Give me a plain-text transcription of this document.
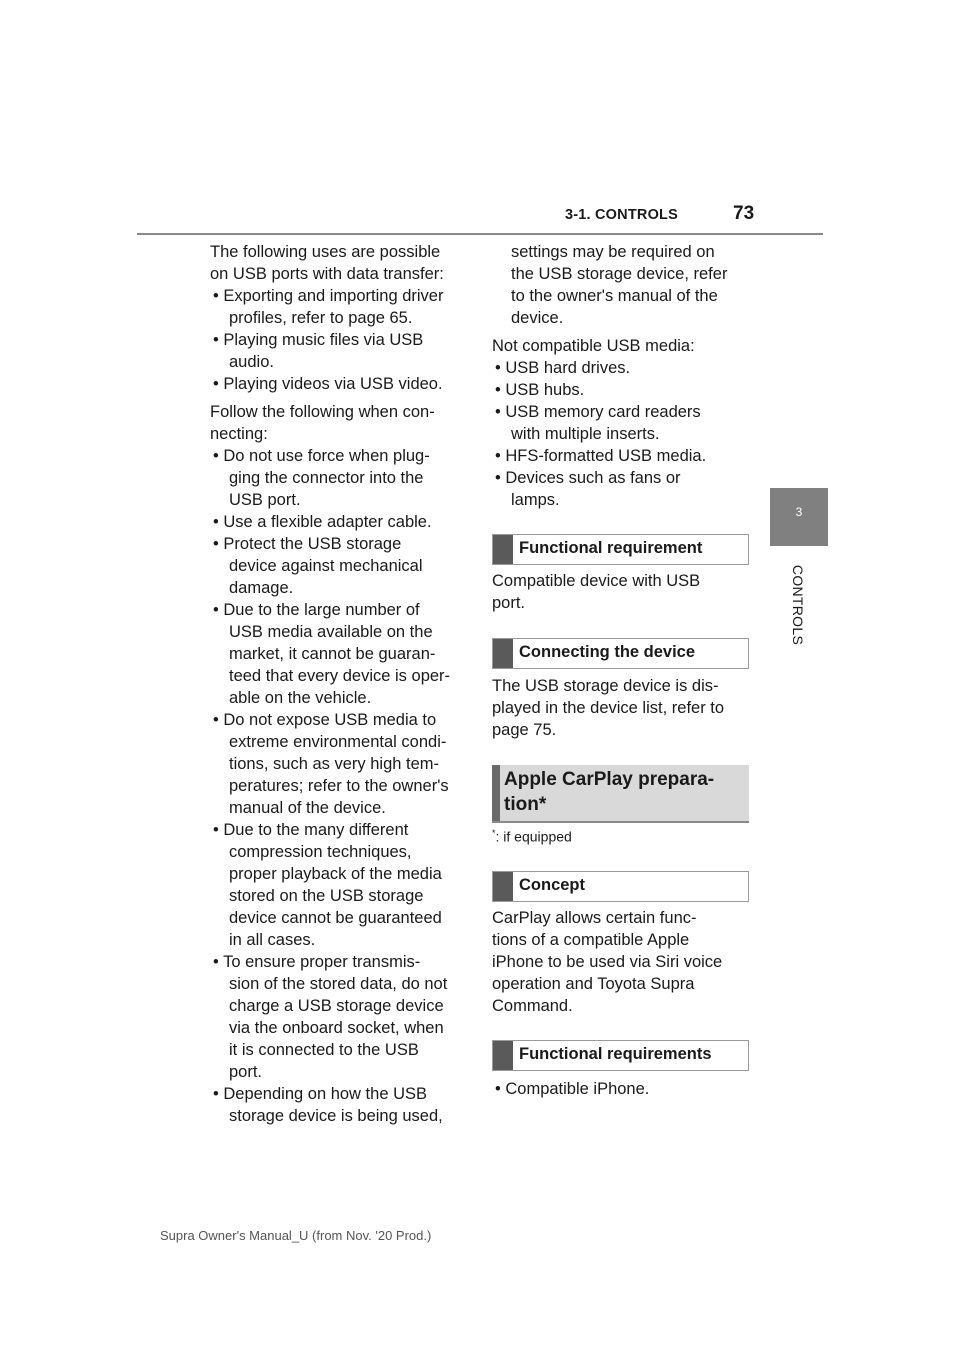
3-1. CONTROLS	73
3
CONTROLS
The following uses are possible
on USB ports with data transfer:
• Exporting and importing driver
profiles, refer to page 65.
• Playing music files via USB
audio.
• Playing videos via USB video.
Follow the following when con-
necting:
• Do not use force when plug-
ging the connector into the
USB port.
• Use a flexible adapter cable.
• Protect the USB storage
device against mechanical
damage.
• Due to the large number of
USB media available on the
market, it cannot be guaran-
teed that every device is oper-
able on the vehicle.
• Do not expose USB media to
extreme environmental condi-
tions, such as very high tem-
peratures; refer to the owner's
manual of the device.
• Due to the many different
compression techniques,
proper playback of the media
stored on the USB storage
device cannot be guaranteed
in all cases.
• To ensure proper transmis-
sion of the stored data, do not
charge a USB storage device
via the onboard socket, when
it is connected to the USB
port.
• Depending on how the USB
storage device is being used,
settings may be required on
the USB storage device, refer
to the owner's manual of the
device.
Not compatible USB media:
• USB hard drives.
• USB hubs.
• USB memory card readers
with multiple inserts.
• HFS-formatted USB media.
• Devices such as fans or
lamps.
Functional requirement
Compatible device with USB
port.
Connecting the device
The USB storage device is dis-
played in the device list, refer to
page 75.
Apple CarPlay prepara-
tion*
*: if equipped
Concept
CarPlay allows certain func-
tions of a compatible Apple
iPhone to be used via Siri voice
operation and Toyota Supra
Command.
Functional requirements
• Compatible iPhone.
Supra Owner's Manual_U (from Nov. '20 Prod.)
